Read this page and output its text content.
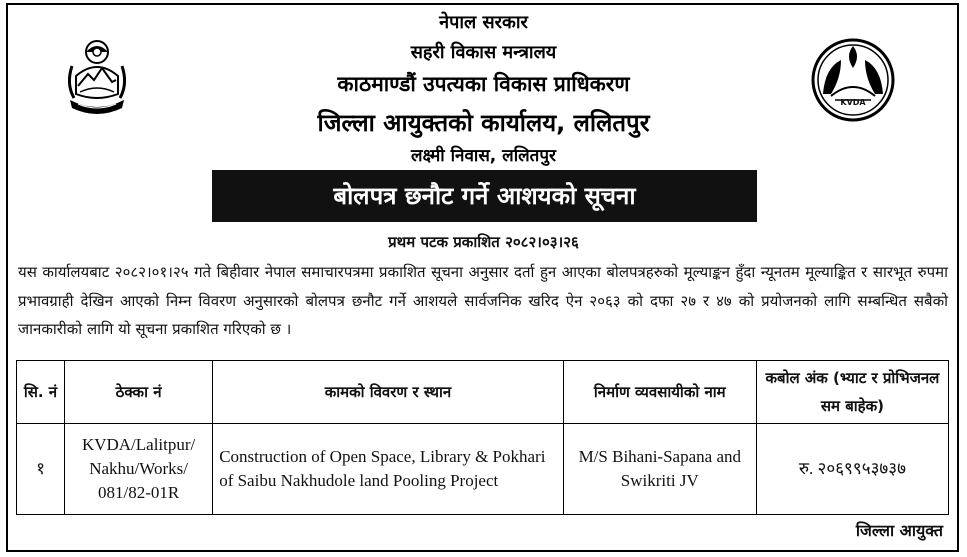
KVDA
नेपाल सरकार
सहरी विकास मन्त्रालय
काठमाण्डौं उपत्यका विकास प्राधिकरण
जिल्ला आयुक्तको कार्यालय, ललितपुर
लक्ष्मी निवास, ललितपुर
बोलपत्र छनौट गर्ने आशयको सूचना
प्रथम पटक प्रकाशित २०८२।०३।२६
यस कार्यालयबाट २०८२।०१।२५ गते बिहीवार नेपाल समाचारपत्रमा प्रकाशित सूचना अनुसार दर्ता हुन आएका बोलपत्रहरुको मूल्याङ्कन हुँदा न्यूनतम मूल्याङ्कित र सारभूत रुपमा प्रभावग्राही देखिन आएको निम्न विवरण अनुसारको बोलपत्र छनौट गर्ने आशयले सार्वजनिक खरिद ऐन २०६३ को दफा २७ र ४७ को प्रयोजनको लागि सम्बन्धित सबैको जानकारीको लागि यो सूचना प्रकाशित गरिएको छ ।
सि. नं	ठेक्का नं	कामको विवरण र स्थान	निर्माण व्यवसायीको नाम	कबोल अंक (भ्याट र प्रोभिजनल सम बाहेक)
१	KVDA/Lalitpur/ Nakhu/Works/ 081/82-01R	Construction of Open Space, Library & Pokhari of Saibu Nakhudole land Pooling Project	M/S Bihani-Sapana and Swikriti JV	रु. २०६९९५३७३७
जिल्ला आयुक्त
